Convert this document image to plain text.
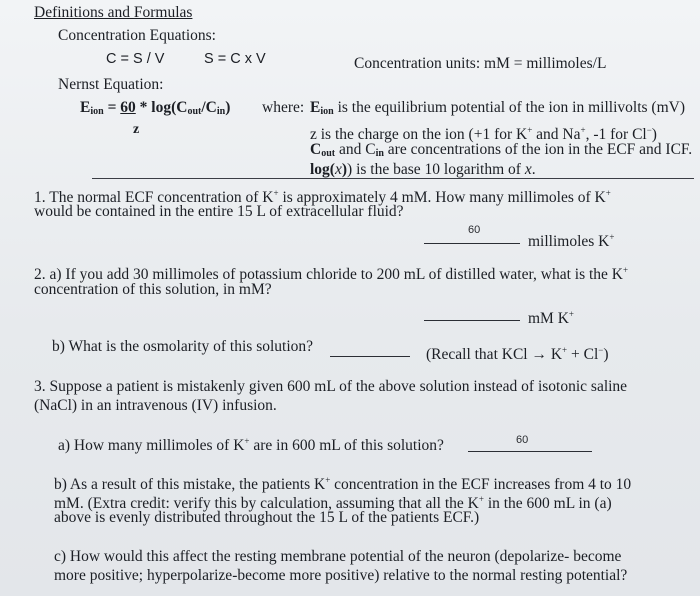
Definitions and Formulas
Concentration Equations:
C = S / V	S = C x V	Concentration units: mM = millimoles/L
Nernst Equation:
$E_{ion} = 60 * \log(C_{out}/C_{in})$
z
where: $E_{ion}$ is the equilibrium potential of the ion in millivolts (mV)
z is the charge on the ion (+1 for K+ and Na+, -1 for Cl−)
$C_{out}$ and $C_{in}$ are concentrations of the ion in the ECF and ICF.
log(x)) is the base 10 logarithm of x.
1. The normal ECF concentration of K+ is approximately 4 mM. How many millimoles of K+
would be contained in the entire 15 L of extracellular fluid?
60
millimoles K+
2. a) If you add 30 millimoles of potassium chloride to 200 mL of distilled water, what is the K+
concentration of this solution, in mM?
mM K+
b) What is the osmolarity of this solution?	(Recall that KCl → K+ + Cl−)
3. Suppose a patient is mistakenly given 600 mL of the above solution instead of isotonic saline
(NaCl) in an intravenous (IV) infusion.
a) How many millimoles of K+ are in 600 mL of this solution?	60
b) As a result of this mistake, the patients K+ concentration in the ECF increases from 4 to 10
mM. (Extra credit: verify this by calculation, assuming that all the K+ in the 600 mL in (a)
above is evenly distributed throughout the 15 L of the patients ECF.)
c) How would this affect the resting membrane potential of the neuron (depolarize- become
more positive; hyperpolarize-become more positive) relative to the normal resting potential?
